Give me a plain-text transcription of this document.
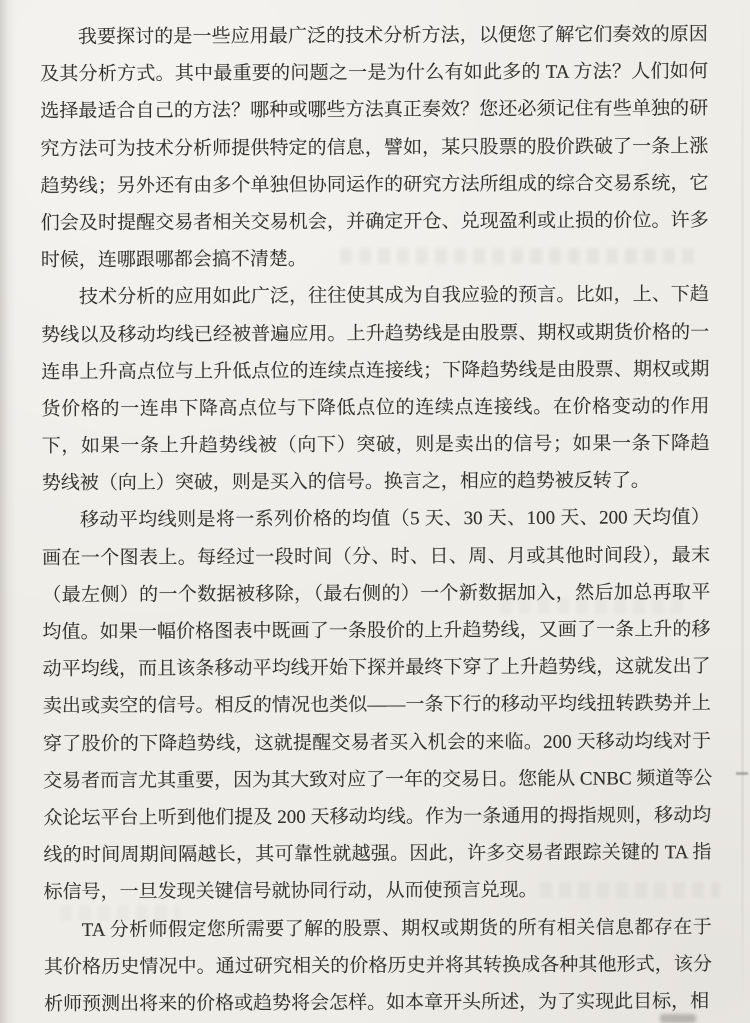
我要探讨的是一些应用最广泛的技术分析方法，以便您了解它们奏效的原因
及其分析方式。其中最重要的问题之一是为什么有如此多的 TA 方法？人们如何
选择最适合自己的方法？哪种或哪些方法真正奏效？您还必须记住有些单独的研
究方法可为技术分析师提供特定的信息，譬如，某只股票的股价跌破了一条上涨
趋势线；另外还有由多个单独但协同运作的研究方法所组成的综合交易系统，它
们会及时提醒交易者相关交易机会，并确定开仓、兑现盈利或止损的价位。许多
时候，连哪跟哪都会搞不清楚。
技术分析的应用如此广泛，往往使其成为自我应验的预言。比如，上、下趋
势线以及移动均线已经被普遍应用。上升趋势线是由股票、期权或期货价格的一
连串上升高点位与上升低点位的连续点连接线；下降趋势线是由股票、期权或期
货价格的一连串下降高点位与下降低点位的连续点连接线。在价格变动的作用
下，如果一条上升趋势线被（向下）突破，则是卖出的信号；如果一条下降趋
势线被（向上）突破，则是买入的信号。换言之，相应的趋势被反转了。
移动平均线则是将一系列价格的均值（5 天、30 天、100 天、200 天均值）
画在一个图表上。每经过一段时间（分、时、日、周、月或其他时间段），最末
（最左侧）的一个数据被移除，（最右侧的）一个新数据加入，然后加总再取平
均值。如果一幅价格图表中既画了一条股价的上升趋势线，又画了一条上升的移
动平均线，而且该条移动平均线开始下探并最终下穿了上升趋势线，这就发出了
卖出或卖空的信号。相反的情况也类似——一条下行的移动平均线扭转跌势并上
穿了股价的下降趋势线，这就提醒交易者买入机会的来临。200 天移动均线对于
交易者而言尤其重要，因为其大致对应了一年的交易日。您能从 CNBC 频道等公
众论坛平台上听到他们提及 200 天移动均线。作为一条通用的拇指规则，移动均
线的时间周期间隔越长，其可靠性就越强。因此，许多交易者跟踪关键的 TA 指
标信号，一旦发现关键信号就协同行动，从而使预言兑现。
TA 分析师假定您所需要了解的股票、期权或期货的所有相关信息都存在于
其价格历史情况中。通过研究相关的价格历史并将其转换成各种其他形式，该分
析师预测出将来的价格或趋势将会怎样。如本章开头所述，为了实现此目标，相
